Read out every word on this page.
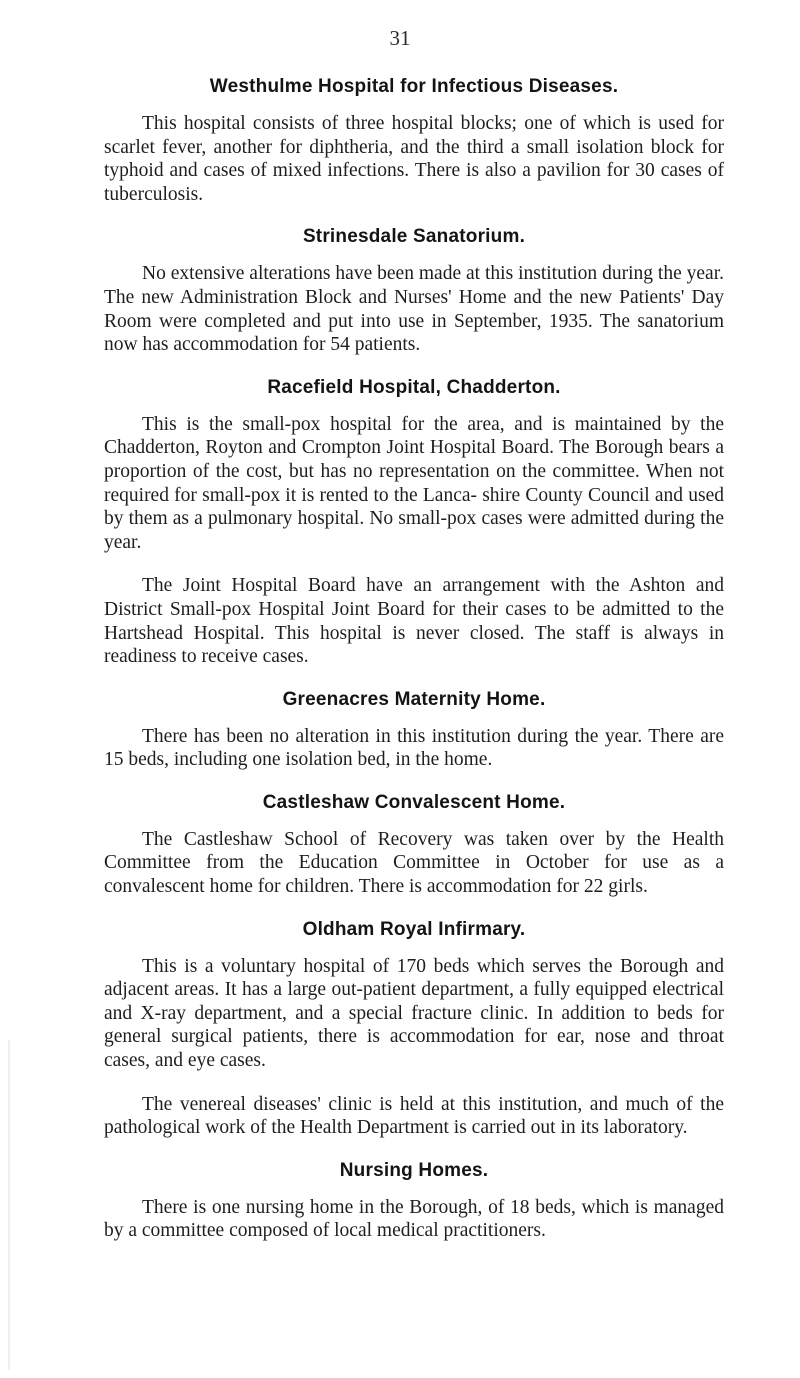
31
Westhulme Hospital for Infectious Diseases.

This hospital consists of three hospital blocks; one of which is used for scarlet fever, another for diphtheria, and the third a small isolation block for typhoid and cases of mixed infections. There is also a pavilion for 30 cases of tuberculosis.

Strinesdale Sanatorium.

No extensive alterations have been made at this institution during the year. The new Administration Block and Nurses' Home and the new Patients' Day Room were completed and put into use in September, 1935. The sanatorium now has accommodation for 54 patients.

Racefield Hospital, Chadderton.

This is the small-pox hospital for the area, and is maintained by the Chadderton, Royton and Crompton Joint Hospital Board. The Borough bears a proportion of the cost, but has no representation on the committee. When not required for small-pox it is rented to the Lanca- shire County Council and used by them as a pulmonary hospital. No small-pox cases were admitted during the year.

The Joint Hospital Board have an arrangement with the Ashton and District Small-pox Hospital Joint Board for their cases to be admitted to the Hartshead Hospital. This hospital is never closed. The staff is always in readiness to receive cases.

Greenacres Maternity Home.

There has been no alteration in this institution during the year. There are 15 beds, including one isolation bed, in the home.

Castleshaw Convalescent Home.

The Castleshaw School of Recovery was taken over by the Health Committee from the Education Committee in October for use as a convalescent home for children. There is accommodation for 22 girls.

Oldham Royal Infirmary.

This is a voluntary hospital of 170 beds which serves the Borough and adjacent areas. It has a large out-patient department, a fully equipped electrical and X-ray department, and a special fracture clinic. In addition to beds for general surgical patients, there is accommodation for ear, nose and throat cases, and eye cases.

The venereal diseases' clinic is held at this institution, and much of the pathological work of the Health Department is carried out in its laboratory.

Nursing Homes.

There is one nursing home in the Borough, of 18 beds, which is managed by a committee composed of local medical practitioners.
